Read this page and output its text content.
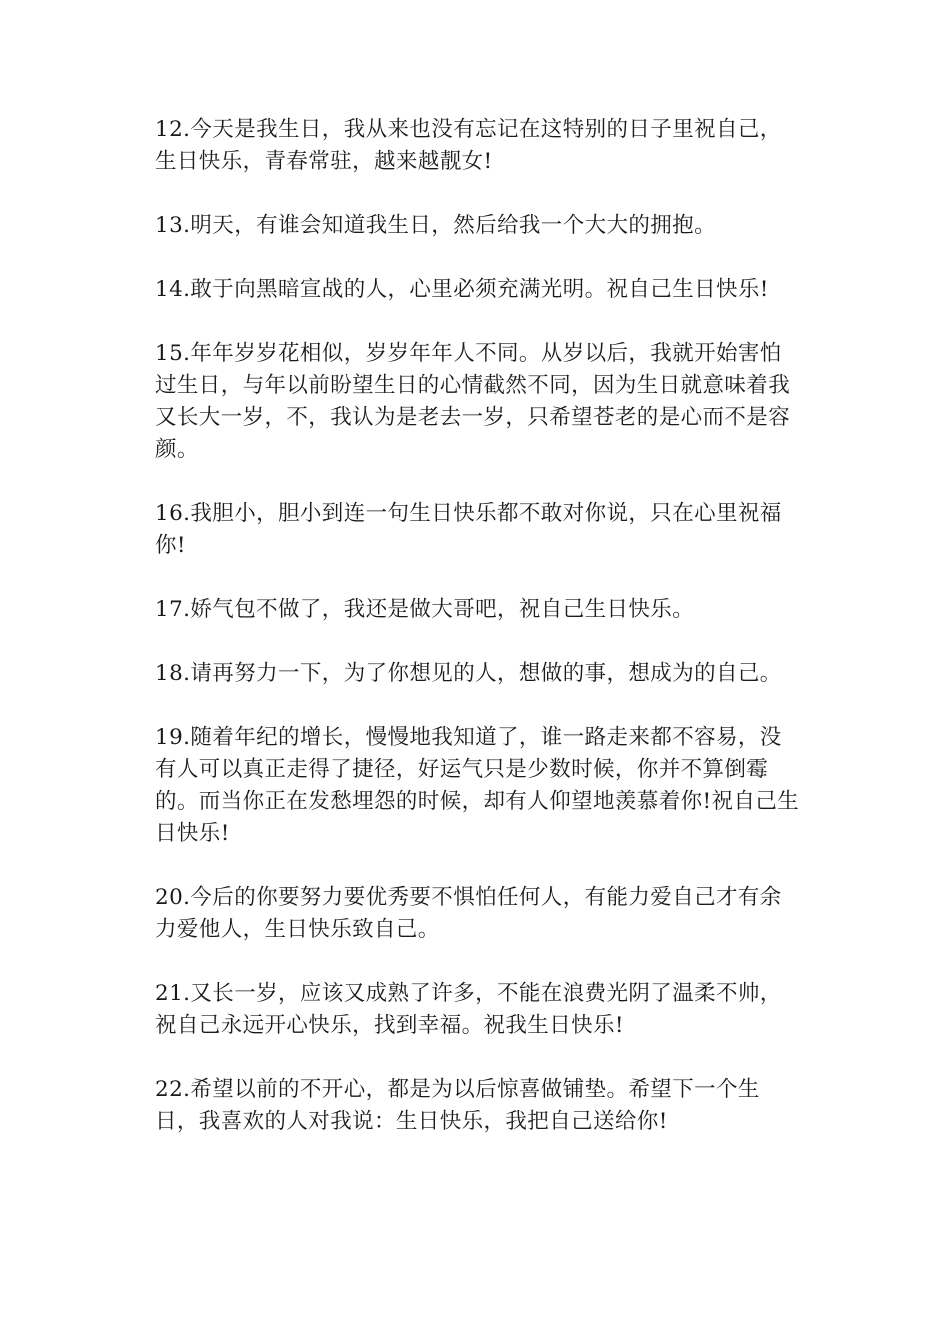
12.今天是我生日，我从来也没有忘记在这特别的日子里祝自己，生日快乐，青春常驻，越来越靓女!

13.明天，有谁会知道我生日，然后给我一个大大的拥抱。

14.敢于向黑暗宣战的人，心里必须充满光明。祝自己生日快乐!

15.年年岁岁花相似，岁岁年年人不同。从岁以后，我就开始害怕过生日，与年以前盼望生日的心情截然不同，因为生日就意味着我又长大一岁，不，我认为是老去一岁，只希望苍老的是心而不是容颜。

16.我胆小，胆小到连一句生日快乐都不敢对你说，只在心里祝福你!

17.娇气包不做了，我还是做大哥吧，祝自己生日快乐。

18.请再努力一下，为了你想见的人，想做的事，想成为的自己。

19.随着年纪的增长，慢慢地我知道了，谁一路走来都不容易，没有人可以真正走得了捷径，好运气只是少数时候，你并不算倒霉的。而当你正在发愁埋怨的时候，却有人仰望地羡慕着你!祝自己生日快乐!

20.今后的你要努力要优秀要不惧怕任何人，有能力爱自己才有余力爱他人，生日快乐致自己。

21.又长一岁，应该又成熟了许多，不能在浪费光阴了温柔不帅，祝自己永远开心快乐，找到幸福。祝我生日快乐!

22.希望以前的不开心，都是为以后惊喜做铺垫。希望下一个生日，我喜欢的人对我说：生日快乐，我把自己送给你!
